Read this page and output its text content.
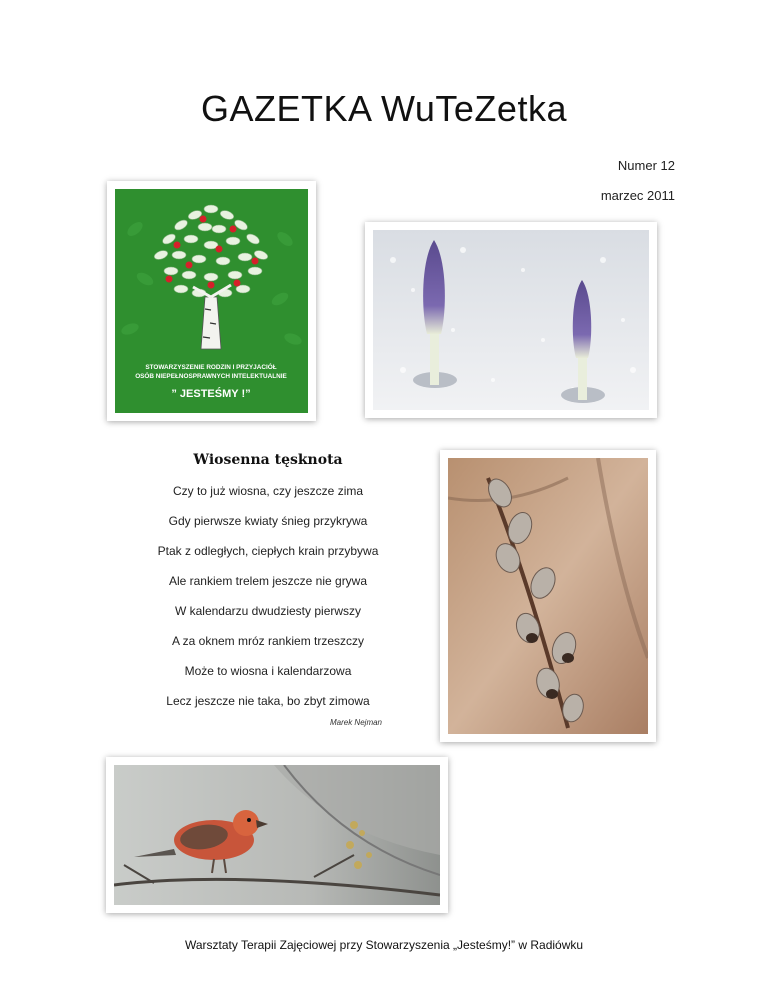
GAZETKA WuTeZetka
Numer 12
marzec 2011
STOWARZYSZENIE RODZIN I PRZYJACIÓŁ
OSÓB NIEPEŁNOSPRAWNYCH INTELEKTUALNIE
” JESTEŚMY !”
Wiosenna tęsknota
Czy to już wiosna, czy jeszcze zima
Gdy pierwsze kwiaty śnieg przykrywa
Ptak z odległych, ciepłych krain przybywa
Ale rankiem trelem jeszcze nie grywa
W kalendarzu dwudziesty pierwszy
A za oknem mróz rankiem trzeszczy
Może to wiosna i kalendarzowa
Lecz jeszcze nie taka, bo zbyt zimowa
Marek Nejman
Warsztaty Terapii Zajęciowej przy Stowarzyszenia „Jesteśmy!” w Radiówku
